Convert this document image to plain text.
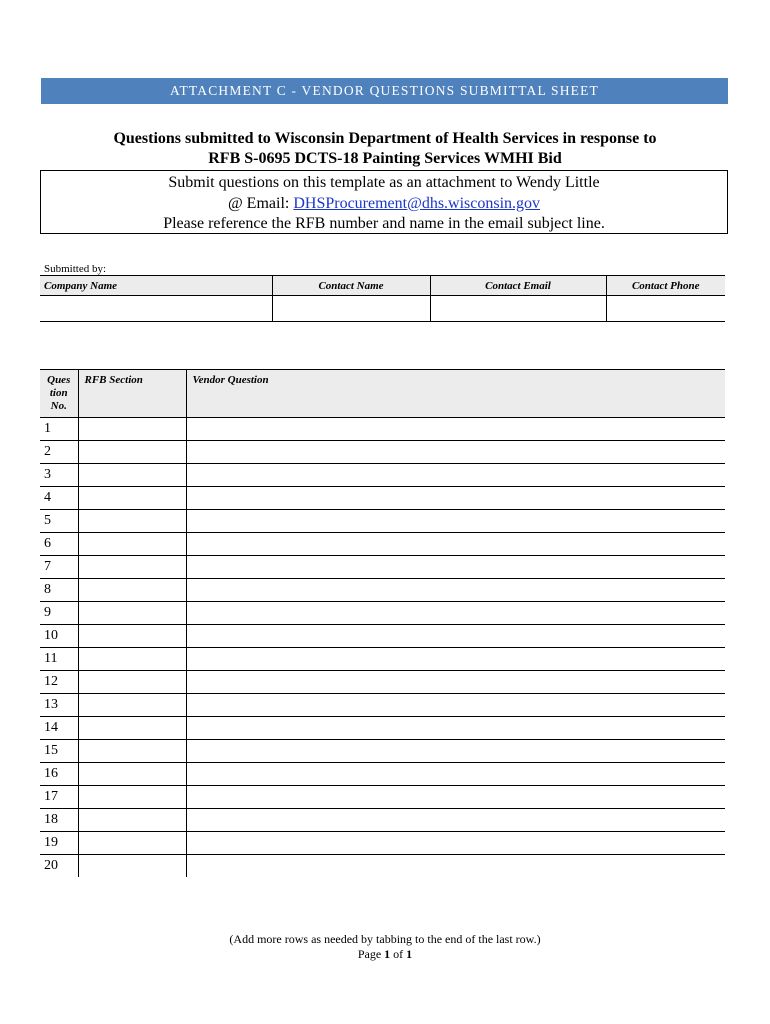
ATTACHMENT C - VENDOR QUESTIONS SUBMITTAL SHEET
Questions submitted to Wisconsin Department of Health Services in response to
RFB S-0695 DCTS-18 Painting Services WMHI Bid
Submit questions on this template as an attachment to Wendy Little
@ Email: DHSProcurement@dhs.wisconsin.gov
Please reference the RFB number and name in the email subject line.
Submitted by:
Company Name	Contact Name	Contact Email	Contact Phone

Ques
tion
No.	RFB Section	Vendor Question
1		
2		
3		
4		
5		
6		
7		
8		
9		
10		
11		
12		
13		
14		
15		
16		
17		
18		
19		
20		
(Add more rows as needed by tabbing to the end of the last row.)
Page 1 of 1
